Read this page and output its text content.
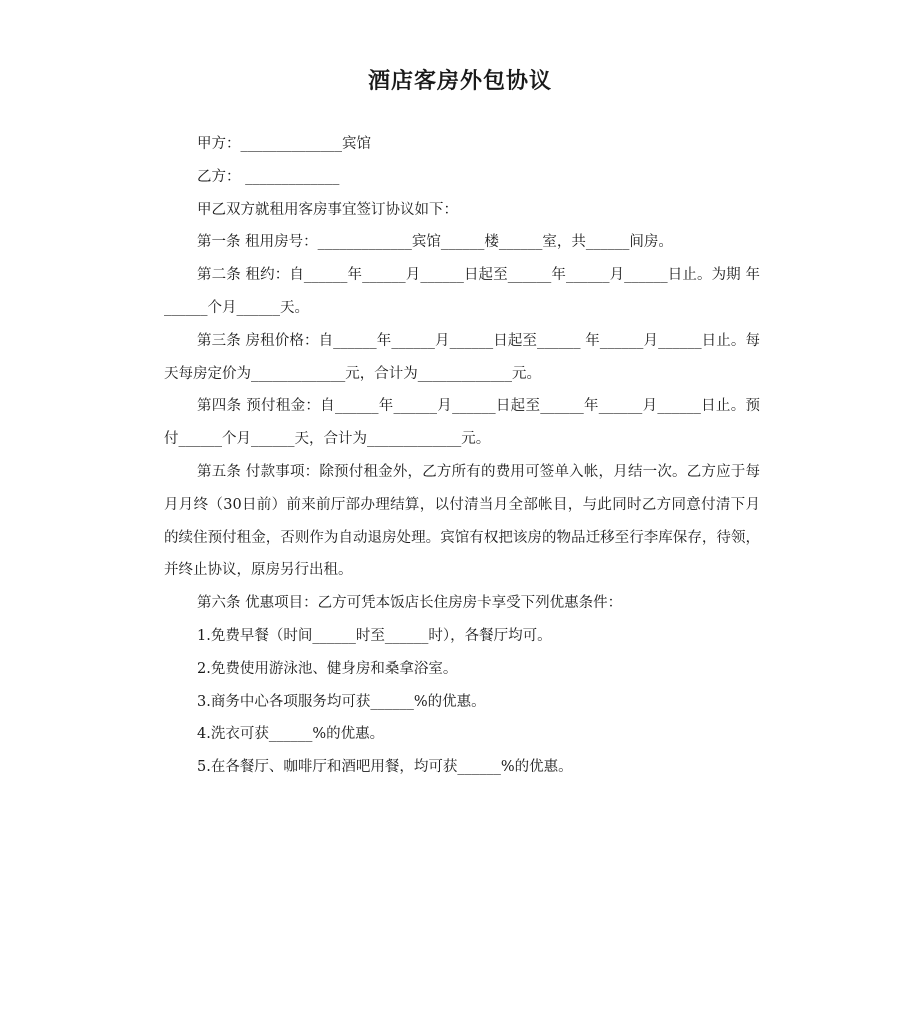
酒店客房外包协议

甲方：______________宾馆

乙方： _____________

甲乙双方就租用客房事宜签订协议如下：

第一条 租用房号：_____________宾馆______楼______室，共______间房。

第二条 租约：自______年______月______日起至______年______月______日止。为期 年______个月______天。

第三条 房租价格：自______年______月______日起至______ 年______月______日止。每天每房定价为_____________元，合计为_____________元。

第四条 预付租金：自______年______月______日起至______年______月______日止。预付______个月______天，合计为_____________元。

第五条 付款事项：除预付租金外，乙方所有的费用可签单入帐，月结一次。乙方应于每月月终（30日前）前来前厅部办理结算，以付清当月全部帐目，与此同时乙方同意付清下月的续住预付租金，否则作为自动退房处理。宾馆有权把该房的物品迁移至行李库保存，待领，并终止协议，原房另行出租。

第六条 优惠项目：乙方可凭本饭店长住房房卡享受下列优惠条件：

1.免费早餐（时间______时至______时），各餐厅均可。

2.免费使用游泳池、健身房和桑拿浴室。

3.商务中心各项服务均可获______%的优惠。

4.洗衣可获______%的优惠。

5.在各餐厅、咖啡厅和酒吧用餐，均可获______%的优惠。
